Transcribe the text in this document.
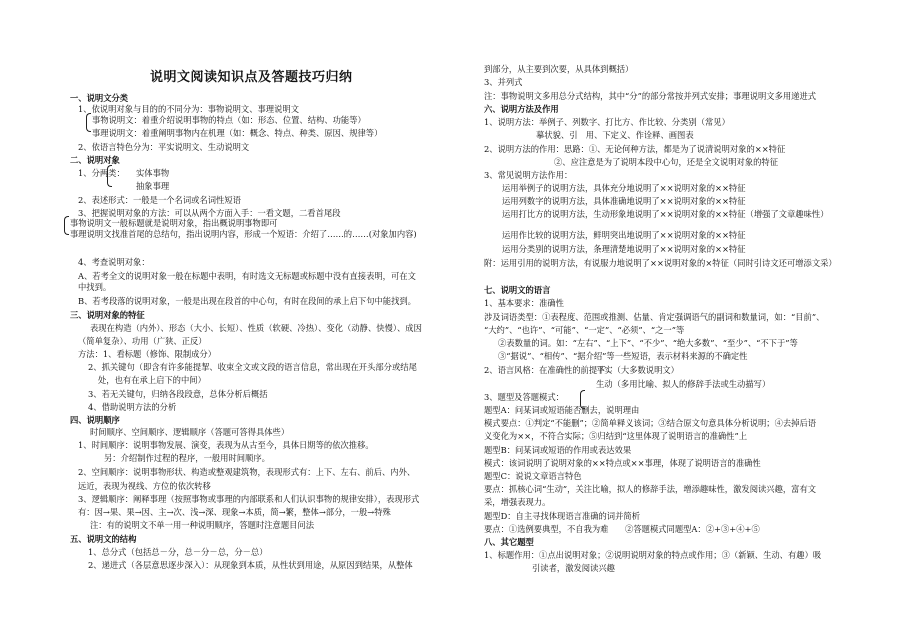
说明文阅读知识点及答题技巧归纳
一、说明文分类
1、依说明对象与目的的不同分为：事物说明文、事理说明文
事物说明文：着重介绍说明事物的特点（如：形态、位置、结构、功能等）
事理说明文：着重阐明事物内在机理（如：概念、特点、种类、原因、规律等）
2、依语言特色分为：平实说明文、生动说明文
二、说明对象
1、分两类： 实体事物
抽象事理
2、表述形式：一般是一个名词或名词性短语
3、把握说明对象的方法：可以从两个方面入手：一看文题，二看首尾段
事物说明文一般标题就是说明对象，指出概说明事物即可
事理说明文找准首尾的总结句，指出说明内容，形成一个短语：介绍了……的……(对象加内容)
4、考查说明对象：
A、若考全文的说明对象一般在标题中表明，有时选文无标题或标题中没有直接表明，可在文
中找到。
B、若考段落的说明对象，一般是出现在段首的中心句，有时在段间的承上启下句中能找到。
三、说明对象的特征
表现在构造（内外）、形态（大小、长短）、性质（软硬、冷热）、变化（动静、快慢）、成因
（简单复杂）、功用（广狭、正反）
方法：1、看标题（修饰、限制成分）
2、抓关键句（即含有许多能提挈、收束全文或文段的语言信息，常出现在开头部分或结尾
处，也有在承上启下的中间）
3、若无关键句，归纳各段段意，总体分析后概括
4、借助说明方法的分析
四、说明顺序
时间顺序、空间顺序、逻辑顺序（答题可答得具体些）
1、时间顺序：说明事物发展、演变，表现为从古至今，具体日期等的依次推移。
另：介绍制作过程的程序，一般用时间顺序。
2、空间顺序：说明事物形状、构造或整观建筑物，表现形式有：上下、左右、前后、内外、
远近，表现为视线、方位的依次转移
3、逻辑顺序：阐释事理（按照事物或事理的内部联系和人们认识事物的规律安排），表现形式
有：因→果、果→因、主→次、浅→深、现象→本质，简→繁，整体→部分，一般→特殊
注：有的说明文不单一用一种说明顺序，答题时注意题目问法
五、说明文的结构
1、总分式（包括总－分，总－分－总，分－总）
2、递进式（各层意思逐步深入）：从现象到本质，从性状到用途，从原因到结果，从整体
到部分，从主要到次要，从具体到概括）
3、并列式
注：事物说明文多用总分式结构，其中“分”的部分常按并列式安排；事理说明文多用递进式
六、说明方法及作用
1、说明方法：举例子、列数字、打比方、作比较、分类别（常见）
摹状貌、引　用、下定义、作诠释、画图表
2、说明方法的作用：思路：①、无论何种方法，都是为了说清说明对象的××特征
②、应注意是为了说明本段中心句，还是全文说明对象的特征
3、常见说明方法作用：
运用举例子的说明方法，具体充分地说明了××说明对象的××特征
运用列数字的说明方法，具体准确地说明了××说明对象的××特征
运用打比方的说明方法，生动形象地说明了××说明对象的××特征（增强了文章趣味性）
运用作比较的说明方法，鲜明突出地说明了××说明对象的××特征
运用分类别的说明方法，条理清楚地说明了××说明对象的××特征
附：运用引用的说明方法，有说服力地说明了××说明对象的×特征（同时引诗文还可增添文采）
七、说明文的语言
1、基本要求：准确性
涉及词语类型：①表程度、范围或推测、估量、肯定强调语气的副词和数量词，如：“目前”、
“大约”、“也许”、“可能”、“一定”、“必须”、“之一”等
②表数量的词。如：“左右”、“上下”、“不少”、“绝大多数”、“至少”、“不下于”等
③“据说”、“相传”、“据介绍”等一些短语，表示材料来源的不确定性
2、语言风格：在准确性的前提下
平实（大多数说明文）
生动（多用比喻、拟人的修辞手法或生动描写）
3、题型及答题模式：
题型A：问某词或短语能否删去，说明理由
模式要点：①判定“不能删”；②简单释义该词；③结合原文句意具体分析说明；④去掉后语
义变化为××，不符合实际；⑤归结到“这里体现了说明语言的准确性”上
题型B：问某词或短语的作用或表达效果
模式：该词说明了说明对象的××特点或××事理，体现了说明语言的准确性
题型C：说说文章语言特色
要点：抓核心词“生动”，关注比喻，拟人的修辞手法，增添趣味性，激发阅读兴趣，富有文
采，增强表现力。
题型D：自主寻找体现语言准确的词并简析
要点：①选例要典型，不自我为难　　②答题模式同题型A：②+③+④+⑤
八、其它题型
1、标题作用：①点出说明对象；②说明说明对象的特点或作用；③（新颖、生动、有趣）吸
引读者，激发阅读兴趣
